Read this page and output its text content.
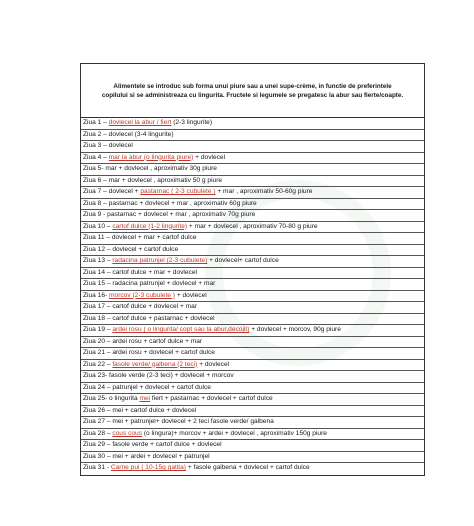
Alimentele se introduc sub forma unui piure sau a unei supe-crème, in functie de preferintele
copilului si se administreaza cu lingurita. Fructele si legumele se pregatesc la abur sau fierte/coapte.
Ziua 1 – dovlecel la abur / fiert (2-3 lingurite)
Ziua 2 – dovlecel (3-4 lingurite)
Ziua 3 – dovlecel
Ziua 4 – mar la abur (o lingurita piure) + dovlecel
Ziua 5- mar + dovlecel , aproximativ 30g piure
Ziua 6 – mar + dovlecel , aproximativ 50 g piure
Ziua 7 – dovlecel + pastarnac ( 2-3 cubulete ) + mar , aproximativ 50-60g piure
Ziua 8 – pastarnac + dovlecel + mar , aproximativ 60g piure
Ziua 9 - pastarnac + dovlecel + mar , aproximativ 70g piure
Ziua 10 – cartof dulce (1-2 lingurite) + mar + dovlecel , aproximativ 70-80 g piure
Ziua 11 – dovlecel + mar + cartof dulce
Ziua 12 – dovlecel + cartof dulce
Ziua 13 – radacina patrunjel (2-3 cubulete) + dovlecel+ cartof dulce
Ziua 14 – cartof dulce + mar + dovlecel
Ziua 15 – radacina patrunjel + dovlecel + mar
Ziua 16- morcov (2-3 cubulete ) + dovlecel
Ziua 17 – cartof dulce + dovlecel + mar
Ziua 18 – cartof dulce + pastarnac + dovlecel
Ziua 19 – ardei rosu ( o lingurita/ copt sau la abur,decojit) + dovlecel + morcov, 90g piure
Ziua 20 – ardei rosu + cartof dulce + mar
Ziua 21 – ardei rosu + dovlecel + cartof dulce
Ziua 22 – fasole verde/ galbena (2 teci) + dovlecel
Ziua 23- fasole verde (2-3 teci) + dovlecel + morcov
Ziua 24 – patrunjel + dovlecel + cartof dulce
Ziua 25- o lingurita mei fiert + pastarnac + dovlecel + cartof dulce
Ziua 26 – mei + cartof dulce + dovlecel
Ziua 27 – mei + patrunjel+ dovlecel + 2 teci fasole verde/ galbena
Ziua 28 – cous cous (o lingura)+ morcov + ardei + dovlecel , aproximativ 150g piure
Ziua 29 – fasole verde + cartof dulce + dovlecel
Ziua 30 – mei + ardei + dovlecel + patrunjel
Ziua 31 - Carne pui ( 10-15g gatita) + fasole galbena + dovlecel + cartof dulce
